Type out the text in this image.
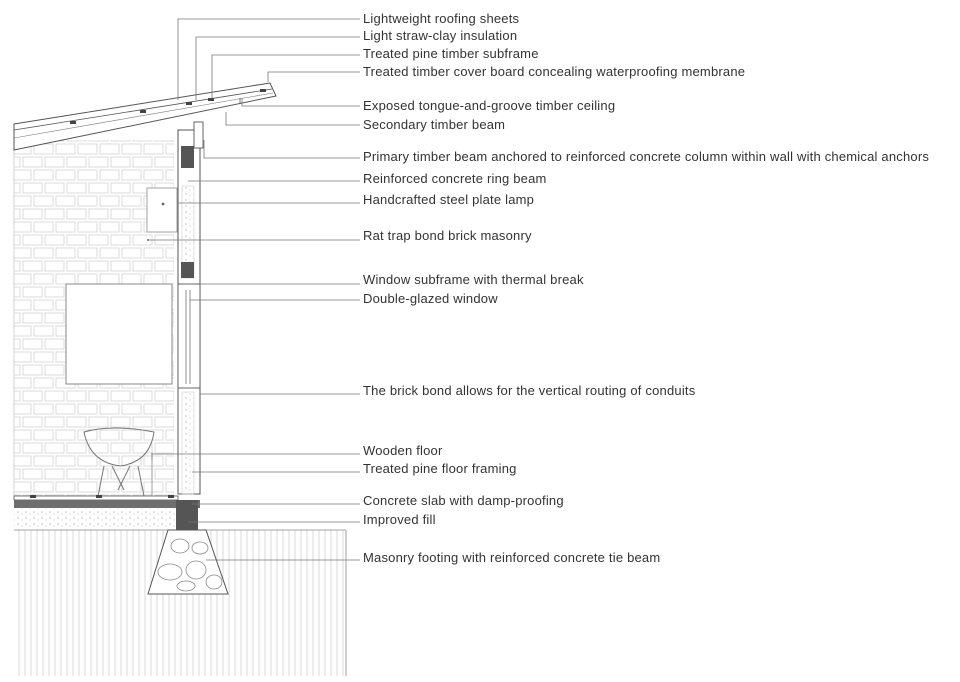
Lightweight roofing sheets
Light straw-clay insulation
Treated pine timber subframe
Treated timber cover board concealing waterproofing membrane
Exposed tongue-and-groove timber ceiling
Secondary timber beam
Primary timber beam anchored to reinforced concrete column within wall with chemical anchors
Reinforced concrete ring beam
Handcrafted steel plate lamp
Rat trap bond brick masonry
Window subframe with thermal break
Double-glazed window
The brick bond allows for the vertical routing of conduits
Wooden floor
Treated pine floor framing
Concrete slab with damp-proofing
Improved fill
Masonry footing with reinforced concrete tie beam
